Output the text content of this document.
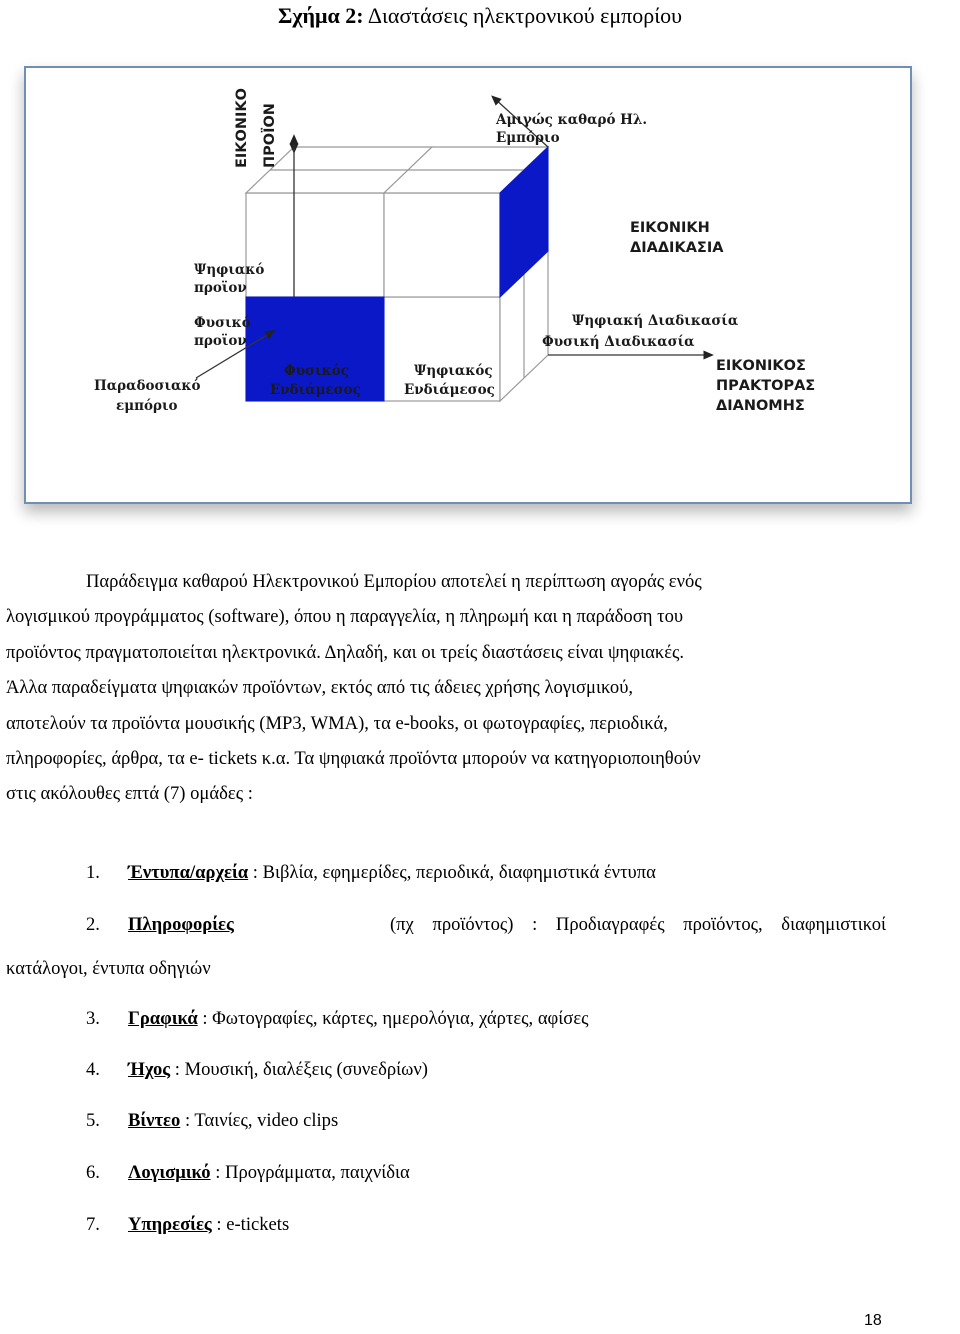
Σχήμα 2: Διαστάσεις ηλεκτρονικού εμπορίου
ΕΙΚΟΝΙΚΟ ΠΡΟΪΟΝ	Αμιγώς καθαρό Ηλ.
Εμπόριο
ΕΙΚΟΝΙΚΗ
ΔΙΑΔΙΚΑΣΙΑ
Ψηφιακό
προϊον
Φυσικό
προϊον
Ψηφιακή Διαδικασία
Φυσική Διαδικασία
Παραδοσιακό
εμπόριο
Φυσικός
Ενδιάμεσος
Ψηφιακός
Ενδιάμεσος
ΕΙΚΟΝΙΚΟΣ
ΠΡΑΚΤΟΡΑΣ
ΔΙΑΝΟΜΗΣ
Παράδειγμα καθαρού Ηλεκτρονικού Εμπορίου αποτελεί η περίπτωση αγοράς ενός
λογισμικού προγράμματος (software), όπου η παραγγελία, η πληρωμή και η παράδοση του
προϊόντος πραγματοποιείται ηλεκτρονικά. Δηλαδή, και οι τρείς διαστάσεις είναι ψηφιακές.
Άλλα παραδείγματα ψηφιακών προϊόντων, εκτός από τις άδειες χρήσης λογισμικού,
αποτελούν τα προϊόντα μουσικής (MP3, WMA), τα e-books, οι φωτογραφίες, περιοδικά,
πληροφορίες, άρθρα, τα e- tickets κ.α. Τα ψηφιακά προϊόντα μπορούν να κατηγοριοποιηθούν
στις ακόλουθες επτά (7) ομάδες :
1. Έντυπα/αρχεία : Βιβλία, εφημερίδες, περιοδικά, διαφημιστικά έντυπα
2. Πληροφορίες	(πχ προϊόντος) : Προδιαγραφές προϊόντος, διαφημιστικοί
κατάλογοι, έντυπα οδηγιών
3. Γραφικά : Φωτογραφίες, κάρτες, ημερολόγια, χάρτες, αφίσες
4. Ήχος : Μουσική, διαλέξεις (συνεδρίων)
5. Βίντεο : Ταινίες, video clips
6. Λογισμικό : Προγράμματα, παιχνίδια
7. Υπηρεσίες : e-tickets
18
